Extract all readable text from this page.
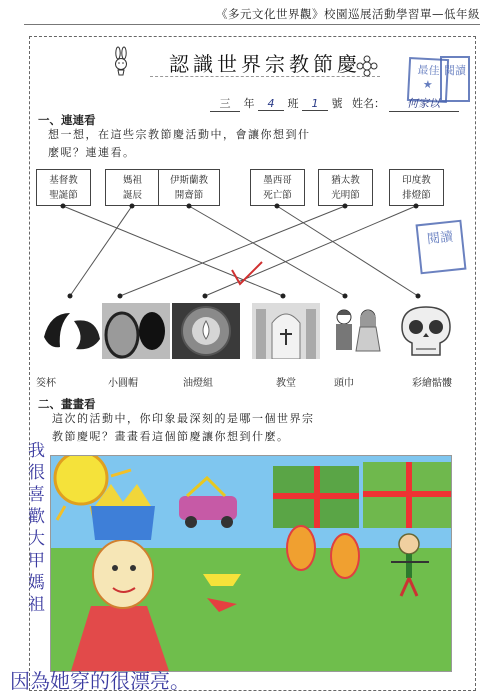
《多元文化世界觀》校園巡展活動學習單—低年級
認識世界宗教節慶	最佳
★
閱讀
三 年 4 班 1 號 姓名： 何家以
一、連連看
想一想，在這些宗教節慶活動中，會讓你想到什
麼呢？連連看。
基督教
聖誕節
媽祖
誕辰
伊斯蘭教
開齋節
墨西哥
死亡節
猶太教
光明節
印度教
排燈節
閱讀
筊杯	小圓帽	油燈組	教堂	頭巾	彩繪骷髏
二、畫畫看
這次的活動中，你印象最深刻的是哪一個世界宗
教節慶呢？畫畫看這個節慶讓你想到什麼。
我很喜歡大甲媽祖
因為她穿的很漂亮。
